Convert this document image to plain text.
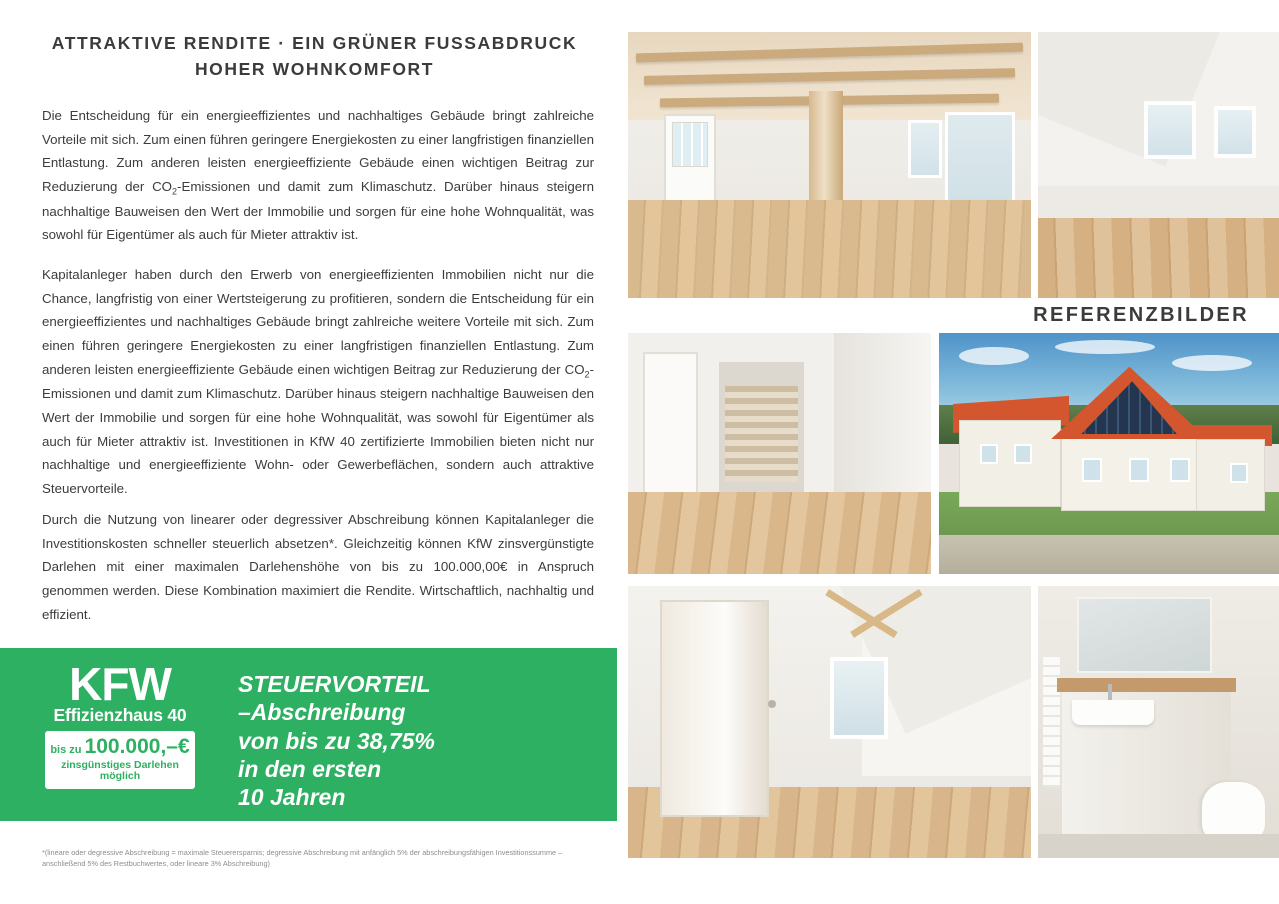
ATTRAKTIVE RENDITE · EIN GRÜNER FUSSABDRUCK
HOHER WOHNKOMFORT
Die Entscheidung für ein energieeffizientes und nachhaltiges Gebäude bringt zahlreiche Vorteile mit sich. Zum einen führen geringere Energiekosten zu einer langfristigen finanziellen Entlastung. Zum anderen leisten energieeffiziente Gebäude einen wichtigen Beitrag zur Reduzierung der $CO_2$-Emissionen und damit zum Klimaschutz. Darüber hinaus steigern nachhaltige Bauweisen den Wert der Immobilie und sorgen für eine hohe Wohnqualität, was sowohl für Eigentümer als auch für Mieter attraktiv ist.
Kapitalanleger haben durch den Erwerb von energieeffizienten Immobilien nicht nur die Chance, langfristig von einer Wertsteigerung zu profitieren, sondern die Entscheidung für ein energieeffizientes und nachhaltiges Gebäude bringt zahlreiche weitere Vorteile mit sich. Zum einen führen geringere Energiekosten zu einer langfristigen finanziellen Entlastung. Zum anderen leisten energieeffiziente Gebäude einen wichtigen Beitrag zur Reduzierung der $CO_2$-Emissionen und damit zum Klimaschutz. Darüber hinaus steigern nachhaltige Bauweisen den Wert der Immobilie und sorgen für eine hohe Wohnqualität, was sowohl für Eigentümer als auch für Mieter attraktiv ist. Investitionen in KfW 40 zertifizierte Immobilien bieten nicht nur nachhaltige und energieeffiziente Wohn- oder Gewerbeflächen, sondern auch attraktive Steuervorteile.
Durch die Nutzung von linearer oder degressiver Abschreibung können Kapitalanleger die Investitionskosten schneller steuerlich absetzen*. Gleichzeitig können KfW zinsvergünstigte Darlehen mit einer maximalen Darlehenshöhe von bis zu 100.000,00€ in Anspruch genommen werden. Diese Kombination maximiert die Rendite. Wirtschaftlich, nachhaltig und effizient.
KFW
Effizienzhaus 40
bis zu 100.000,–€
zinsgünstiges Darlehen
möglich
STEUERVORTEIL
–Abschreibung
von bis zu 38,75%
in den ersten
10 Jahren
*(lineare oder degressive Abschreibung = maximale Steuerersparnis; degressive Abschreibung mit anfänglich 5% der abschreibungsfähigen Investitionssumme – anschließend 5% des Restbuchwertes, oder lineare 3% Abschreibung)
REFERENZBILDER
